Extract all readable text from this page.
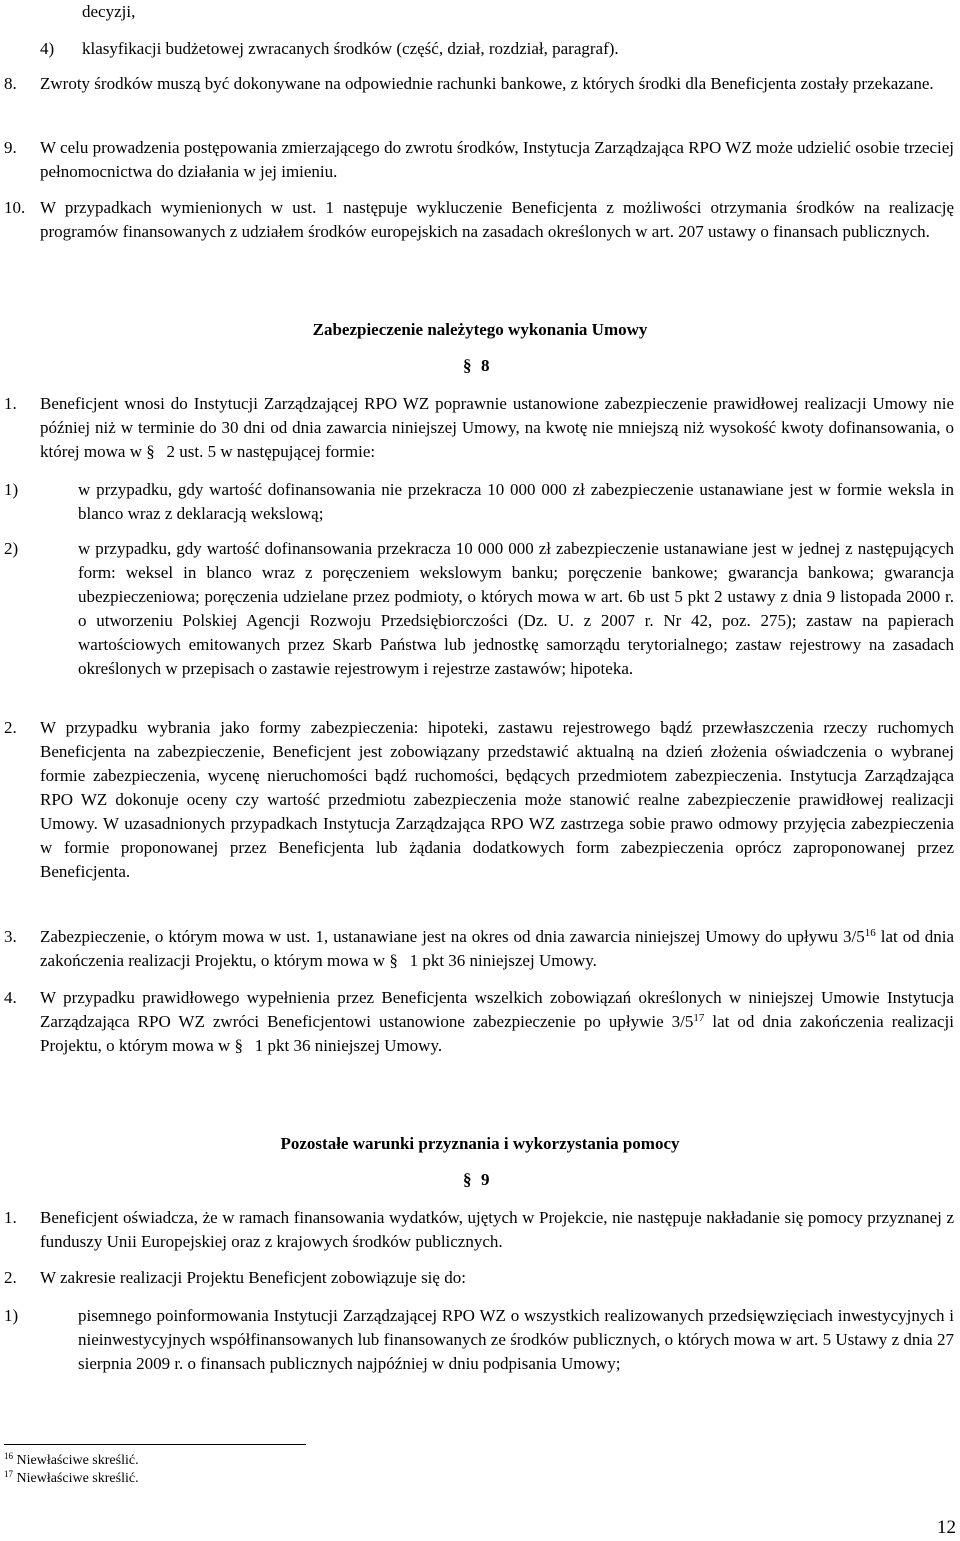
decyzji,
4) klasyfikacji budżetowej zwracanych środków (część, dział, rozdział, paragraf).
8. Zwroty środków muszą być dokonywane na odpowiednie rachunki bankowe, z których środki dla Beneficjenta zostały przekazane.
9. W celu prowadzenia postępowania zmierzającego do zwrotu środków, Instytucja Zarządzająca RPO WZ może udzielić osobie trzeciej pełnomocnictwa do działania w jej imieniu.
10. W przypadkach wymienionych w ust. 1 następuje wykluczenie Beneficjenta z możliwości otrzymania środków na realizację programów finansowanych z udziałem środków europejskich na zasadach określonych w art. 207 ustawy o finansach publicznych.
Zabezpieczenie należytego wykonania Umowy
§ 8
1. Beneficjent wnosi do Instytucji Zarządzającej RPO WZ poprawnie ustanowione zabezpieczenie prawidłowej realizacji Umowy nie później niż w terminie do 30 dni od dnia zawarcia niniejszej Umowy, na kwotę nie mniejszą niż wysokość kwoty dofinansowania, o której mowa w § 2 ust. 5 w następującej formie:
1)	w przypadku, gdy wartość dofinansowania nie przekracza 10 000 000 zł zabezpieczenie ustanawiane jest w formie weksla in blanco wraz z deklaracją wekslową;
2)	w przypadku, gdy wartość dofinansowania przekracza 10 000 000 zł zabezpieczenie ustanawiane jest w jednej z następujących form: weksel in blanco wraz z poręczeniem wekslowym banku; poręczenie bankowe; gwarancja bankowa; gwarancja ubezpieczeniowa; poręczenia udzielane przez podmioty, o których mowa w art. 6b ust 5 pkt 2 ustawy z dnia 9 listopada 2000 r. o utworzeniu Polskiej Agencji Rozwoju Przedsiębiorczości (Dz. U. z 2007 r. Nr 42, poz. 275); zastaw na papierach wartościowych emitowanych przez Skarb Państwa lub jednostkę samorządu terytorialnego; zastaw rejestrowy na zasadach określonych w przepisach o zastawie rejestrowym i rejestrze zastawów; hipoteka.
2. W przypadku wybrania jako formy zabezpieczenia: hipoteki, zastawu rejestrowego bądź przewłaszczenia rzeczy ruchomych Beneficjenta na zabezpieczenie, Beneficjent jest zobowiązany przedstawić aktualną na dzień złożenia oświadczenia o wybranej formie zabezpieczenia, wycenę nieruchomości bądź ruchomości, będących przedmiotem zabezpieczenia. Instytucja Zarządzająca RPO WZ dokonuje oceny czy wartość przedmiotu zabezpieczenia może stanowić realne zabezpieczenie prawidłowej realizacji Umowy. W uzasadnionych przypadkach Instytucja Zarządzająca RPO WZ zastrzega sobie prawo odmowy przyjęcia zabezpieczenia w formie proponowanej przez Beneficjenta lub żądania dodatkowych form zabezpieczenia oprócz zaproponowanej przez Beneficjenta.
3. Zabezpieczenie, o którym mowa w ust. 1, ustanawiane jest na okres od dnia zawarcia niniejszej Umowy do upływu $3/5^{16}$ lat od dnia zakończenia realizacji Projektu, o którym mowa w § 1 pkt 36 niniejszej Umowy.
4. W przypadku prawidłowego wypełnienia przez Beneficjenta wszelkich zobowiązań określonych w niniejszej Umowie Instytucja Zarządzająca RPO WZ zwróci Beneficjentowi ustanowione zabezpieczenie po upływie $3/5^{17}$ lat od dnia zakończenia realizacji Projektu, o którym mowa w § 1 pkt 36 niniejszej Umowy.
Pozostałe warunki przyznania i wykorzystania pomocy
§ 9
1. Beneficjent oświadcza, że w ramach finansowania wydatków, ujętych w Projekcie, nie następuje nakładanie się pomocy przyznanej z funduszy Unii Europejskiej oraz z krajowych środków publicznych.
2. W zakresie realizacji Projektu Beneficjent zobowiązuje się do:
1)	pisemnego poinformowania Instytucji Zarządzającej RPO WZ o wszystkich realizowanych przedsięwzięciach inwestycyjnych i nieinwestycyjnych współfinansowanych lub finansowanych ze środków publicznych, o których mowa w art. 5 Ustawy z dnia 27 sierpnia 2009 r. o finansach publicznych najpóźniej w dniu podpisania Umowy;
$^{16}$ Niewłaściwe skreślić.
$^{17}$ Niewłaściwe skreślić.
12
